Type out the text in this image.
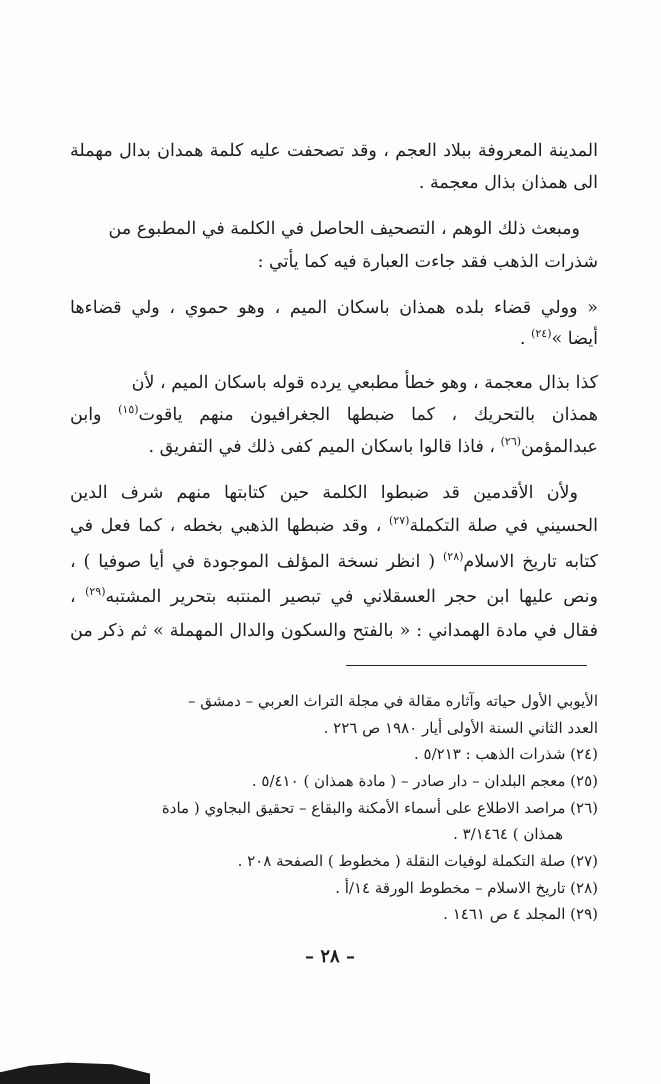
المدينة المعروفة ببلاد العجم ، وقد تصحفت عليه كلمة همدان بدال مهملة
الى همذان بذال معجمة .
ومبعث ذلك الوهم ، التصحيف الحاصل في الكلمة في المطبوع من
شذرات الذهب فقد جاءت العبارة فيه كما يأتي :
« وولي قضاء بلده همذان باسكان الميم ، وهو حموي ، ولي قضاءها
أيضا »$^{(٢٤)}$ .
كذا بذال معجمة ، وهو خطأ مطبعي يرده قوله باسكان الميم ، لأن
همذان بالتحريك ، كما ضبطها الجغرافيون منهم ياقوت$^{(١٥)}$ وابن
عبدالمؤمن$^{(٢٦)}$ ، فاذا قالوا باسكان الميم كفى ذلك في التفريق .
ولأن الأقدمين قد ضبطوا الكلمة حين كتابتها منهم شرف الدين
الحسيني في صلة التكملة$^{(٢٧)}$ ، وقد ضبطها الذهبي بخطه ، كما فعل في
كتابه تاريخ الاسلام$^{(٢٨)}$ ( انظر نسخة المؤلف الموجودة في أيا صوفيا ) ،
ونص عليها ابن حجر العسقلاني في تبصير المنتبه بتحرير المشتبه$^{(٢٩)}$ ،
فقال في مادة الهمداني : « بالفتح والسكون والدال المهملة » ثم ذكر من
الأيوبي الأول حياته وآثاره مقالة في مجلة التراث العربي – دمشق –
العدد الثاني السنة الأولى أيار ١٩٨٠ ص ٢٢٦ .
(٢٤) شذرات الذهب : ٥/٢١٣ .
(٢٥) معجم البلدان – دار صادر – ( مادة همذان ) ٥/٤١٠ .
(٢٦) مراصد الاطلاع على أسماء الأمكنة والبقاع – تحقيق البجاوي ( مادة
همذان ) ٣/١٤٦٤ .
(٢٧) صلة التكملة لوفيات النقلة ( مخطوط ) الصفحة ٢٠٨ .
(٢٨) تاريخ الاسلام – مخطوط الورقة ١٤/أ .
(٢٩) المجلد ٤ ص ١٤٦١ .
– ٢٨ –
